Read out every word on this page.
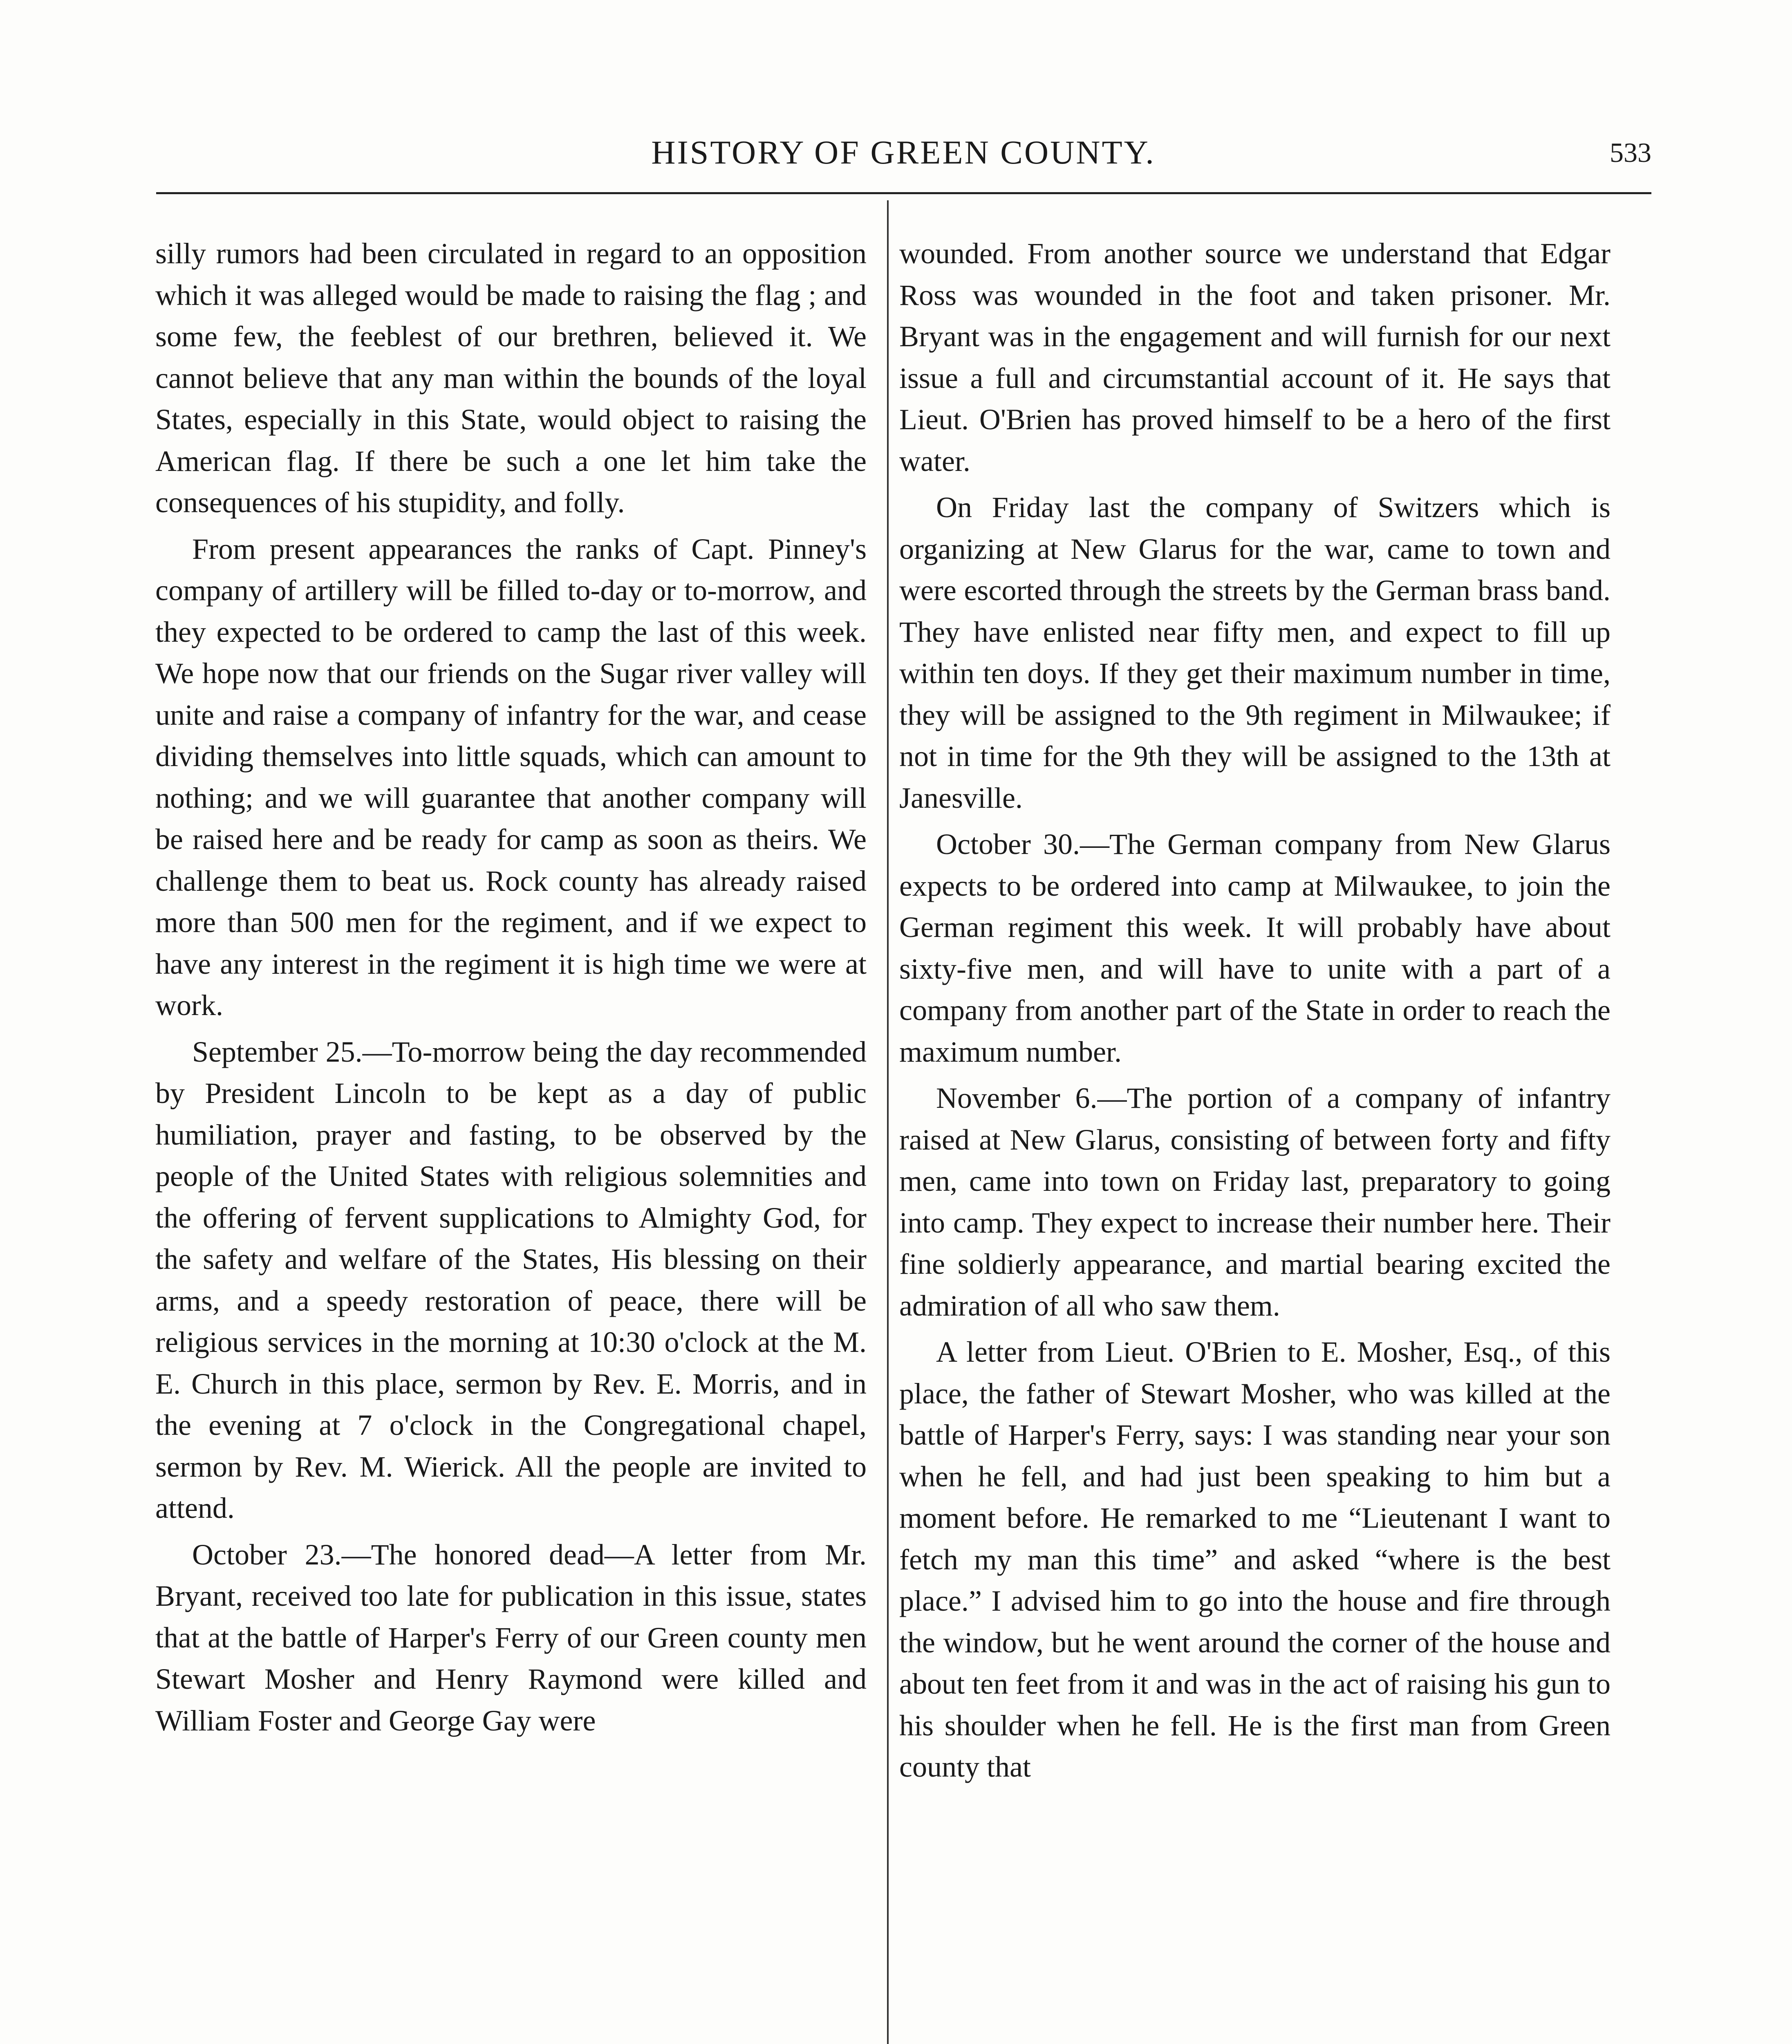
HISTORY OF GREEN COUNTY.	533

silly rumors had been circulated in regard to an opposition which it was alleged would be made to raising the flag ; and some few, the feeblest of our brethren, believed it. We cannot believe that any man within the bounds of the loyal States, especially in this State, would object to raising the American flag. If there be such a one let him take the consequences of his stupidity, and folly.

From present appearances the ranks of Capt. Pinney's company of artillery will be filled to-day or to-morrow, and they expected to be ordered to camp the last of this week. We hope now that our friends on the Sugar river valley will unite and raise a company of infantry for the war, and cease dividing themselves into little squads, which can amount to nothing; and we will guarantee that another company will be raised here and be ready for camp as soon as theirs. We challenge them to beat us. Rock county has already raised more than 500 men for the regiment, and if we expect to have any interest in the regiment it is high time we were at work.

September 25.—To-morrow being the day recommended by President Lincoln to be kept as a day of public humiliation, prayer and fasting, to be observed by the people of the United States with religious solemnities and the offering of fervent supplications to Almighty God, for the safety and welfare of the States, His blessing on their arms, and a speedy restoration of peace, there will be religious services in the morning at 10:30 o'clock at the M. E. Church in this place, sermon by Rev. E. Morris, and in the evening at 7 o'clock in the Congregational chapel, sermon by Rev. M. Wierick. All the people are invited to attend.

October 23.—The honored dead—A letter from Mr. Bryant, received too late for publication in this issue, states that at the battle of Harper's Ferry of our Green county men Stewart Mosher and Henry Raymond were killed and William Foster and George Gay were

wounded. From another source we understand that Edgar Ross was wounded in the foot and taken prisoner. Mr. Bryant was in the engagement and will furnish for our next issue a full and circumstantial account of it. He says that Lieut. O'Brien has proved himself to be a hero of the first water.

On Friday last the company of Switzers which is organizing at New Glarus for the war, came to town and were escorted through the streets by the German brass band. They have enlisted near fifty men, and expect to fill up within ten doys. If they get their maximum number in time, they will be assigned to the 9th regiment in Milwaukee; if not in time for the 9th they will be assigned to the 13th at Janesville.

October 30.—The German company from New Glarus expects to be ordered into camp at Milwaukee, to join the German regiment this week. It will probably have about sixty-five men, and will have to unite with a part of a company from another part of the State in order to reach the maximum number.

November 6.—The portion of a company of infantry raised at New Glarus, consisting of between forty and fifty men, came into town on Friday last, preparatory to going into camp. They expect to increase their number here. Their fine soldierly appearance, and martial bearing excited the admiration of all who saw them.

A letter from Lieut. O'Brien to E. Mosher, Esq., of this place, the father of Stewart Mosher, who was killed at the battle of Harper's Ferry, says: I was standing near your son when he fell, and had just been speaking to him but a moment before. He remarked to me “Lieutenant I want to fetch my man this time” and asked “where is the best place.” I advised him to go into the house and fire through the window, but he went around the corner of the house and about ten feet from it and was in the act of raising his gun to his shoulder when he fell. He is the first man from Green county that
